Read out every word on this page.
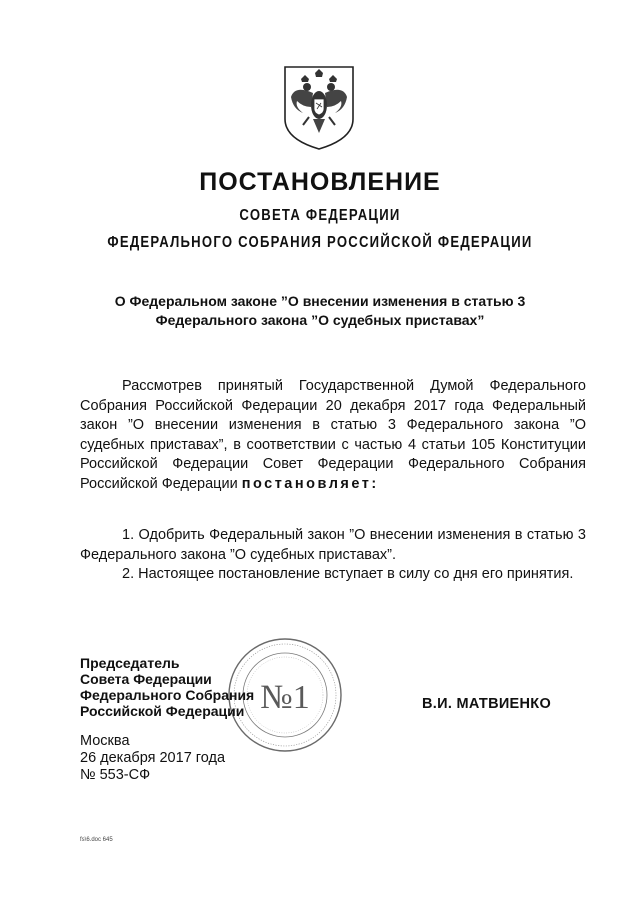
ПОСТАНОВЛЕНИЕ
СОВЕТА ФЕДЕРАЦИИ
ФЕДЕРАЛЬНОГО СОБРАНИЯ РОССИЙСКОЙ ФЕДЕРАЦИИ
О Федеральном законе ”О внесении изменения в статью 3
Федерального закона ”О судебных приставах”
Рассмотрев принятый Государственной Думой Федерального Собрания Российской Федерации 20 декабря 2017 года Федеральный закон ”О внесении изменения в статью 3 Федерального закона ”О судебных приставах”, в соответствии с частью 4 статьи 105 Конституции Российской Федерации Совет Федерации Федерального Собрания Российской Федерации постановляет:
1. Одобрить Федеральный закон ”О внесении изменения в статью 3 Федерального закона ”О судебных приставах”.
2. Настоящее постановление вступает в силу со дня его принятия.
№1
Председатель
Совета Федерации
Федерального Собрания
Российской Федерации	В.И. МАТВИЕНКО
Москва
26 декабря 2017 года
№ 553-СФ
fs\6.doc 645
